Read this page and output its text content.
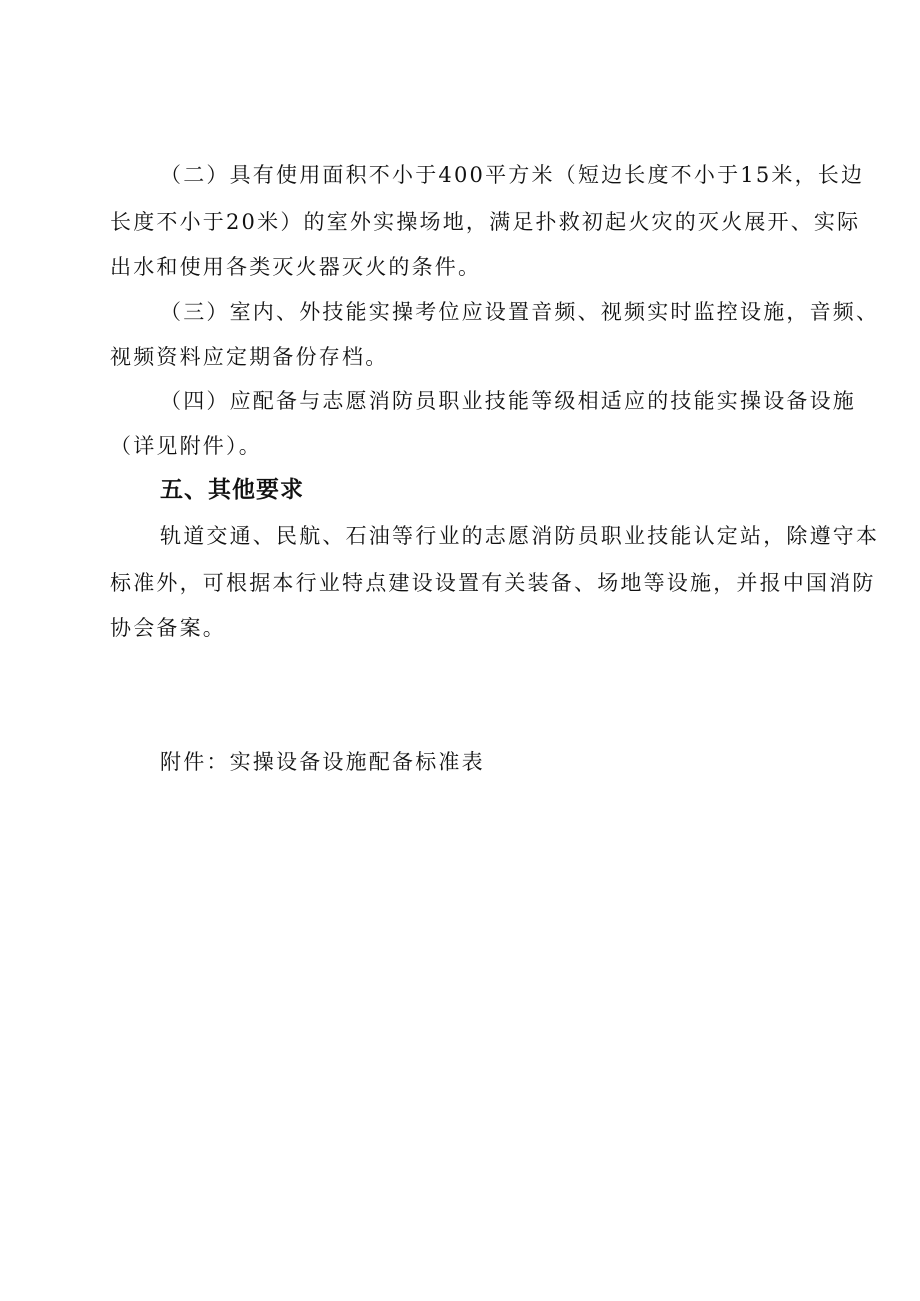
（二）具有使用面积不小于400平方米（短边长度不小于15米，长边
长度不小于20米）的室外实操场地，满足扑救初起火灾的灭火展开、实际
出水和使用各类灭火器灭火的条件。
（三）室内、外技能实操考位应设置音频、视频实时监控设施，音频、
视频资料应定期备份存档。
（四）应配备与志愿消防员职业技能等级相适应的技能实操设备设施
（详见附件）。
五、其他要求
轨道交通、民航、石油等行业的志愿消防员职业技能认定站，除遵守本
标准外，可根据本行业特点建设设置有关装备、场地等设施，并报中国消防
协会备案。
附件：实操设备设施配备标准表
